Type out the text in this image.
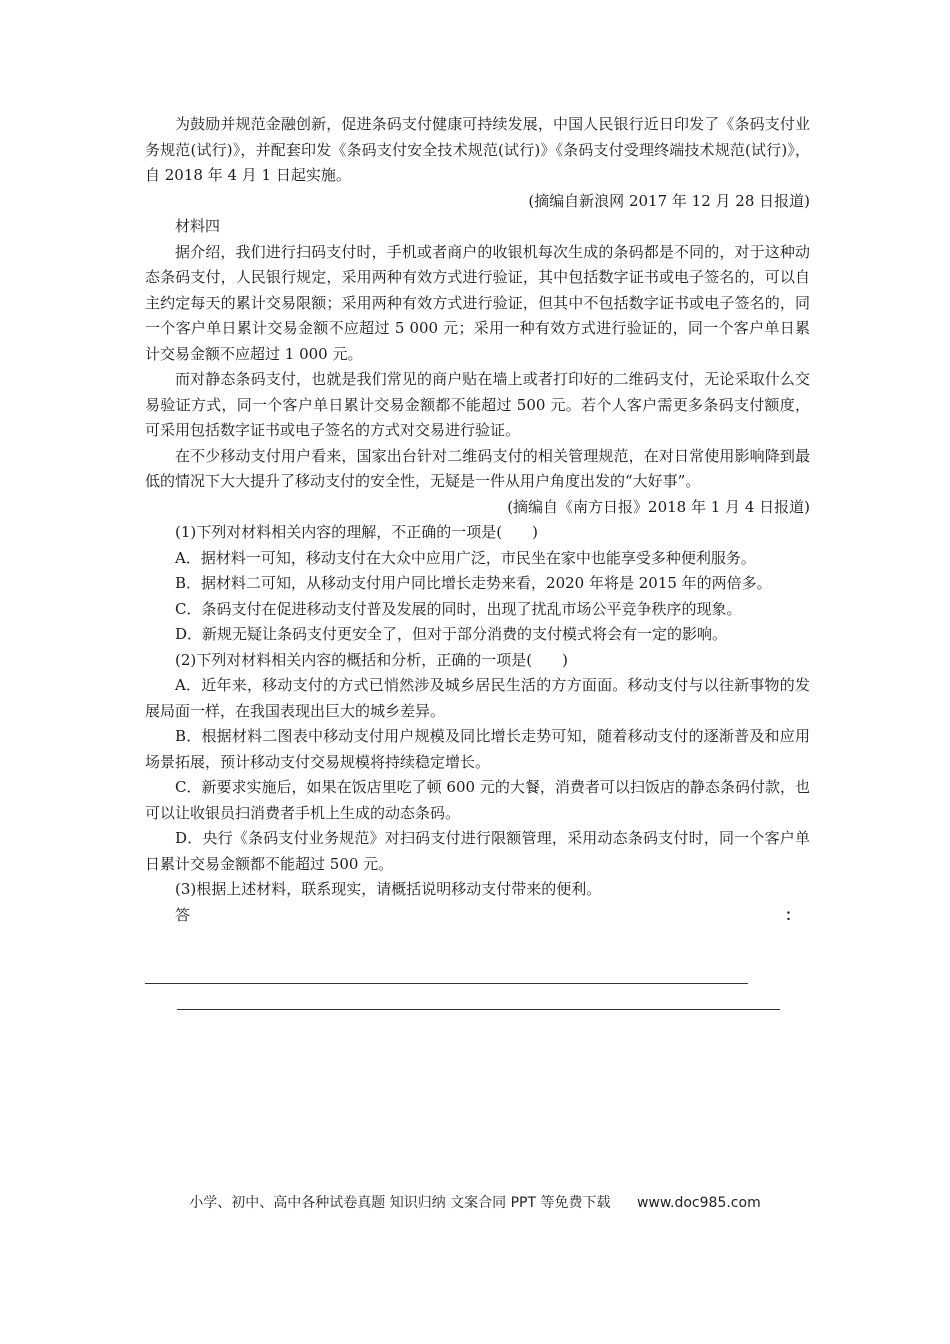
为鼓励并规范金融创新，促进条码支付健康可持续发展，中国人民银行近日印发了《条码支付业务规范(试行)》，并配套印发《条码支付安全技术规范(试行)》《条码支付受理终端技术规范(试行)》，自 2018 年 4 月 1 日起实施。

(摘编自新浪网 2017 年 12 月 28 日报道)

材料四

据介绍，我们进行扫码支付时，手机或者商户的收银机每次生成的条码都是不同的，对于这种动态条码支付，人民银行规定，采用两种有效方式进行验证，其中包括数字证书或电子签名的，可以自主约定每天的累计交易限额；采用两种有效方式进行验证，但其中不包括数字证书或电子签名的，同一个客户单日累计交易金额不应超过 5 000 元；采用一种有效方式进行验证的，同一个客户单日累计交易金额不应超过 1 000 元。

而对静态条码支付，也就是我们常见的商户贴在墙上或者打印好的二维码支付，无论采取什么交易验证方式，同一个客户单日累计交易金额都不能超过 500 元。若个人客户需更多条码支付额度，可采用包括数字证书或电子签名的方式对交易进行验证。

在不少移动支付用户看来，国家出台针对二维码支付的相关管理规范，在对日常使用影响降到最低的情况下大大提升了移动支付的安全性，无疑是一件从用户角度出发的“大好事”。

(摘编自《南方日报》2018 年 1 月 4 日报道)

(1)下列对材料相关内容的理解，不正确的一项是(　　)

A．据材料一可知，移动支付在大众中应用广泛，市民坐在家中也能享受多种便利服务。

B．据材料二可知，从移动支付用户同比增长走势来看，2020 年将是 2015 年的两倍多。

C．条码支付在促进移动支付普及发展的同时，出现了扰乱市场公平竞争秩序的现象。

D．新规无疑让条码支付更安全了，但对于部分消费的支付模式将会有一定的影响。

(2)下列对材料相关内容的概括和分析，正确的一项是(　　)

A．近年来，移动支付的方式已悄然涉及城乡居民生活的方方面面。移动支付与以往新事物的发展局面一样，在我国表现出巨大的城乡差异。

B．根据材料二图表中移动支付用户规模及同比增长走势可知，随着移动支付的逐渐普及和应用场景拓展，预计移动支付交易规模将持续稳定增长。

C．新要求实施后，如果在饭店里吃了顿 600 元的大餐，消费者可以扫饭店的静态条码付款，也可以让收银员扫消费者手机上生成的动态条码。

D．央行《条码支付业务规范》对扫码支付进行限额管理，采用动态条码支付时，同一个客户单日累计交易金额都不能超过 500 元。

(3)根据上述材料，联系现实，请概括说明移动支付带来的便利。

答	：
小学、初中、高中各种试卷真题 知识归纳 文案合同 PPT 等免费下载 www.doc985.com
